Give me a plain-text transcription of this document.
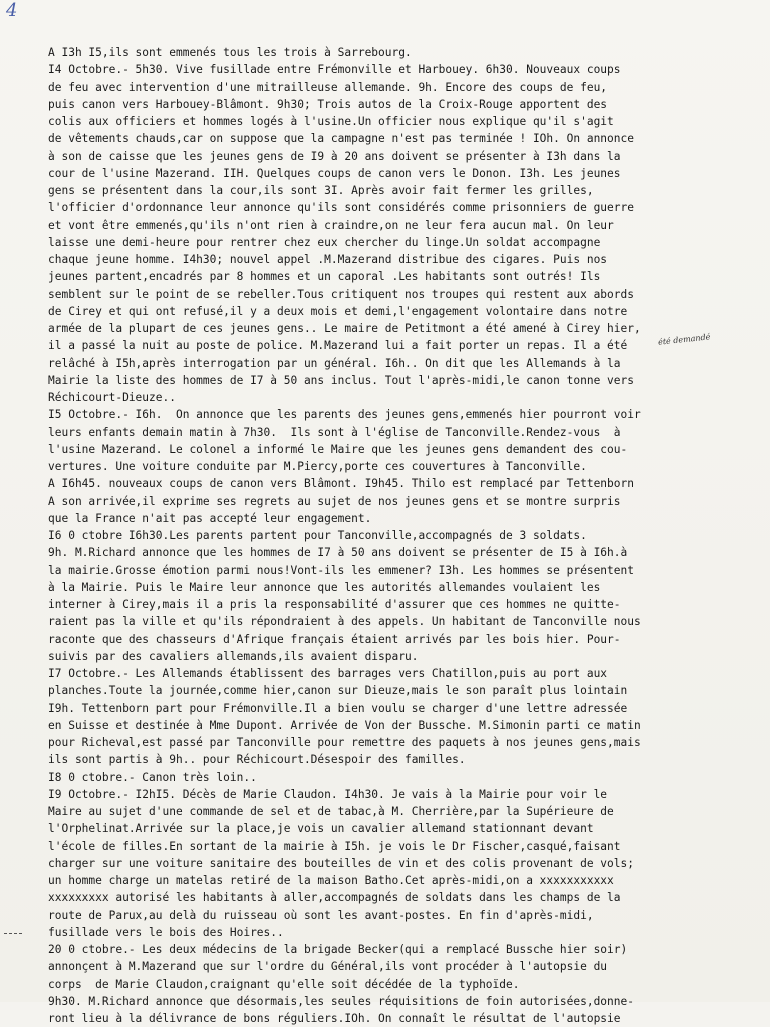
4
été demandé
A I3h I5,ils sont emmenés tous les trois à Sarrebourg.
I4 Octobre.- 5h30. Vive fusillade entre Frémonville et Harbouey. 6h30. Nouveaux coups
de feu avec intervention d'une mitrailleuse allemande. 9h. Encore des coups de feu,
puis canon vers Harbouey-Blâmont. 9h30; Trois autos de la Croix-Rouge apportent des
colis aux officiers et hommes logés à l'usine.Un officier nous explique qu'il s'agit
de vêtements chauds,car on suppose que la campagne n'est pas terminée ! IOh. On annonce
à son de caisse que les jeunes gens de I9 à 20 ans doivent se présenter à I3h dans la
cour de l'usine Mazerand. IIH. Quelques coups de canon vers le Donon. I3h. Les jeunes
gens se présentent dans la cour,ils sont 3I. Après avoir fait fermer les grilles,
l'officier d'ordonnance leur annonce qu'ils sont considérés comme prisonniers de guerre
et vont être emmenés,qu'ils n'ont rien à craindre,on ne leur fera aucun mal. On leur
laisse une demi-heure pour rentrer chez eux chercher du linge.Un soldat accompagne
chaque jeune homme. I4h30; nouvel appel .M.Mazerand distribue des cigares. Puis nos
jeunes partent,encadrés par 8 hommes et un caporal .Les habitants sont outrés! Ils
semblent sur le point de se rebeller.Tous critiquent nos troupes qui restent aux abords
de Cirey et qui ont refusé,il y a deux mois et demi,l'engagement volontaire dans notre
armée de la plupart de ces jeunes gens.. Le maire de Petitmont a été amené à Cirey hier,
il a passé la nuit au poste de police. M.Mazerand lui a fait porter un repas. Il a été
relâché à I5h,après interrogation par un général. I6h.. On dit que les Allemands à la
Mairie la liste des hommes de I7 à 50 ans inclus. Tout l'après-midi,le canon tonne vers
Réchicourt-Dieuze..
I5 Octobre.- I6h.  On annonce que les parents des jeunes gens,emmenés hier pourront voir
leurs enfants demain matin à 7h30.  Ils sont à l'église de Tanconville.Rendez-vous  à
l'usine Mazerand. Le colonel a informé le Maire que les jeunes gens demandent des cou-
vertures. Une voiture conduite par M.Piercy,porte ces couvertures à Tanconville.
A I6h45. nouveaux coups de canon vers Blâmont. I9h45. Thilo est remplacé par Tettenborn
A son arrivée,il exprime ses regrets au sujet de nos jeunes gens et se montre surpris
que la France n'ait pas accepté leur engagement.
I6 0 ctobre I6h30.Les parents partent pour Tanconville,accompagnés de 3 soldats.
9h. M.Richard annonce que les hommes de I7 à 50 ans doivent se présenter de I5 à I6h.à
la mairie.Grosse émotion parmi nous!Vont-ils les emmener? I3h. Les hommes se présentent
à la Mairie. Puis le Maire leur annonce que les autorités allemandes voulaient les
interner à Cirey,mais il a pris la responsabilité d'assurer que ces hommes ne quitte-
raient pas la ville et qu'ils répondraient à des appels. Un habitant de Tanconville nous
raconte que des chasseurs d'Afrique français étaient arrivés par les bois hier. Pour-
suivis par des cavaliers allemands,ils avaient disparu.
I7 Octobre.- Les Allemands établissent des barrages vers Chatillon,puis au port aux
planches.Toute la journée,comme hier,canon sur Dieuze,mais le son paraît plus lointain
I9h. Tettenborn part pour Frémonville.Il a bien voulu se charger d'une lettre adressée
en Suisse et destinée à Mme Dupont. Arrivée de Von der Bussche. M.Simonin parti ce matin
pour Richeval,est passé par Tanconville pour remettre des paquets à nos jeunes gens,mais
ils sont partis à 9h.. pour Réchicourt.Désespoir des familles.
I8 0 ctobre.- Canon très loin..
I9 Octobre.- I2hI5. Décès de Marie Claudon. I4h30. Je vais à la Mairie pour voir le
Maire au sujet d'une commande de sel et de tabac,à M. Cherrière,par la Supérieure de
l'Orphelinat.Arrivée sur la place,je vois un cavalier allemand stationnant devant
l'école de filles.En sortant de la mairie à I5h. je vois le Dr Fischer,casqué,faisant
charger sur une voiture sanitaire des bouteilles de vin et des colis provenant de vols;
un homme charge un matelas retiré de la maison Batho.Cet après-midi,on a xxxxxxxxxxx
xxxxxxxxx autorisé les habitants à aller,accompagnés de soldats dans les champs de la
route de Parux,au delà du ruisseau où sont les avant-postes. En fin d'après-midi,
fusillade vers le bois des Hoires..
20 0 ctobre.- Les deux médecins de la brigade Becker(qui a remplacé Bussche hier soir)
annonçent à M.Mazerand que sur l'ordre du Général,ils vont procéder à l'autopsie du
corps  de Marie Claudon,craignant qu'elle soit décédée de la typhoïde.
9h30. M.Richard annonce que désormais,les seules réquisitions de foin autorisées,donne-
ront lieu à la délivrance de bons réguliers.IOh. On connaît le résultat de l'autopsie
